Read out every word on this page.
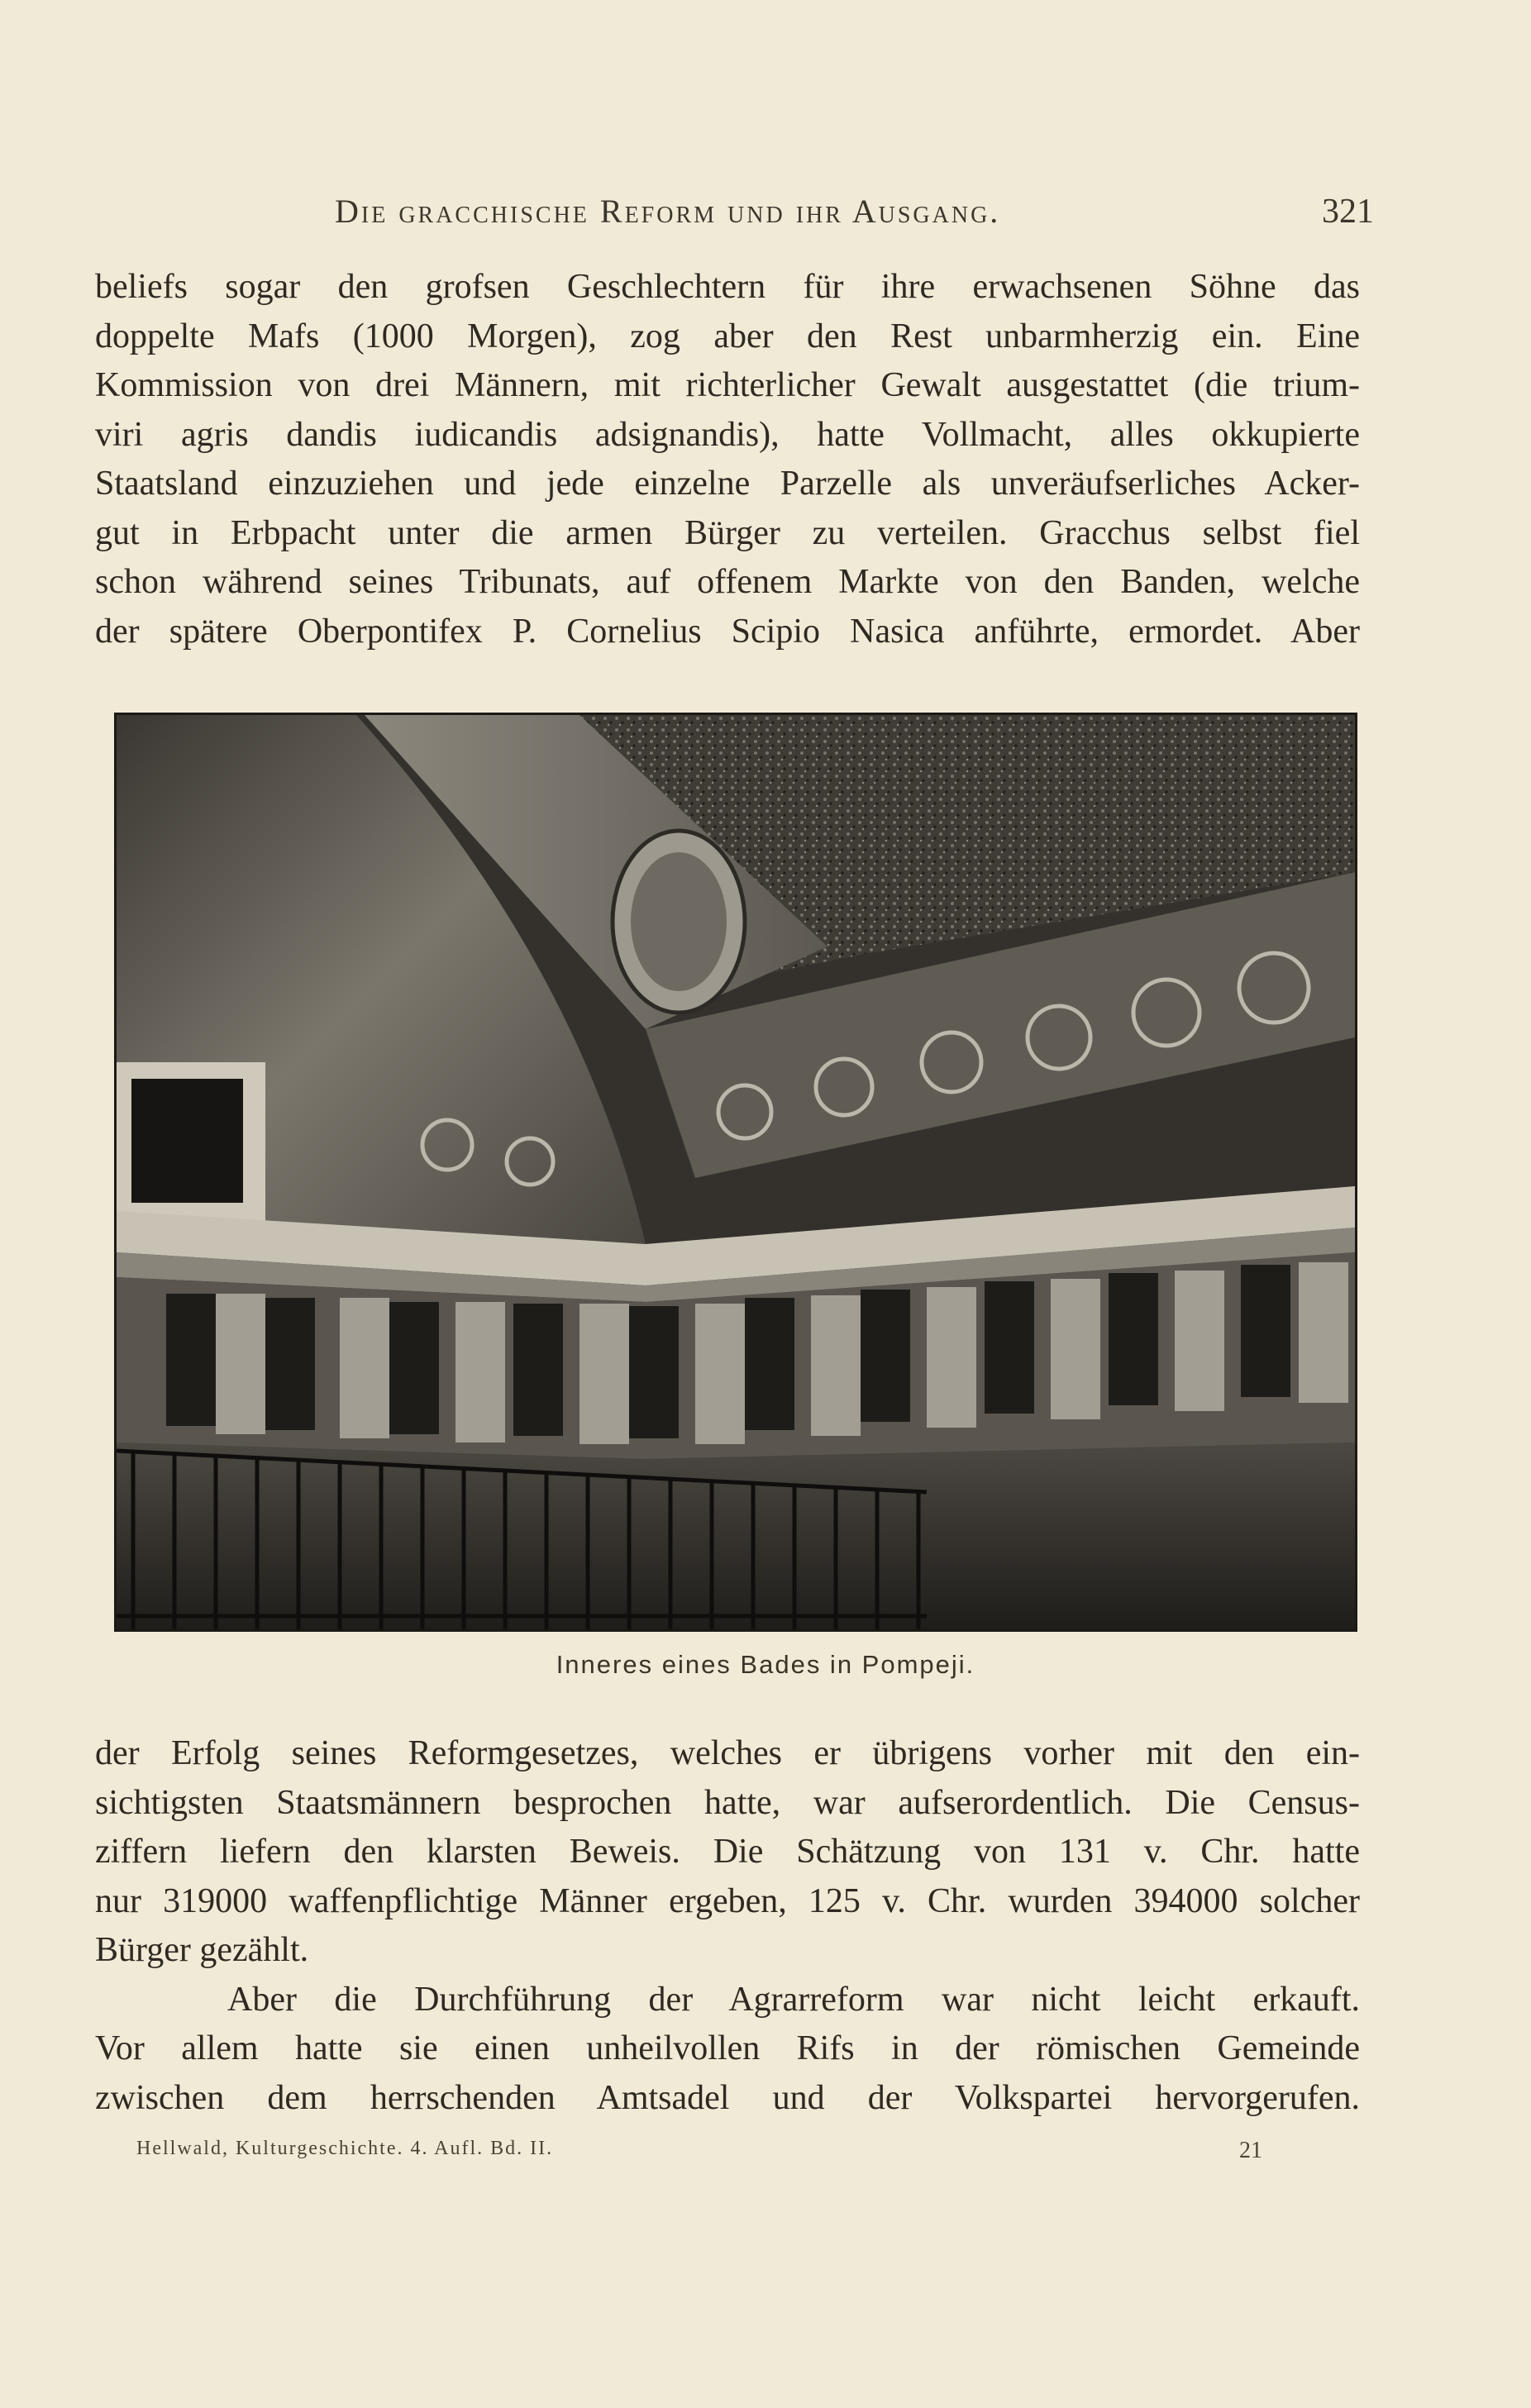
Die gracchische Reform und ihr Ausgang.	321
beliefs sogar den grofsen Geschlechtern für ihre erwachsenen Söhne das
doppelte Mafs (1000 Morgen), zog aber den Rest unbarmherzig ein. Eine
Kommission von drei Männern, mit richterlicher Gewalt ausgestattet (die trium-
viri agris dandis iudicandis adsignandis), hatte Vollmacht, alles okkupierte
Staatsland einzuziehen und jede einzelne Parzelle als unveräufserliches Acker-
gut in Erbpacht unter die armen Bürger zu verteilen. Gracchus selbst fiel
schon während seines Tribunats, auf offenem Markte von den Banden, welche
der spätere Oberpontifex P. Cornelius Scipio Nasica anführte, ermordet. Aber
Inneres eines Bades in Pompeji.
der Erfolg seines Reformgesetzes, welches er übrigens vorher mit den ein-
sichtigsten Staatsmännern besprochen hatte, war aufserordentlich. Die Census-
ziffern liefern den klarsten Beweis. Die Schätzung von 131 v. Chr. hatte
nur 319000 waffenpflichtige Männer ergeben, 125 v. Chr. wurden 394000 solcher
Bürger gezählt.
Aber die Durchführung der Agrarreform war nicht leicht erkauft.
Vor allem hatte sie einen unheilvollen Rifs in der römischen Gemeinde
zwischen dem herrschenden Amtsadel und der Volkspartei hervorgerufen.
Hellwald, Kulturgeschichte. 4. Aufl. Bd. II.	21
